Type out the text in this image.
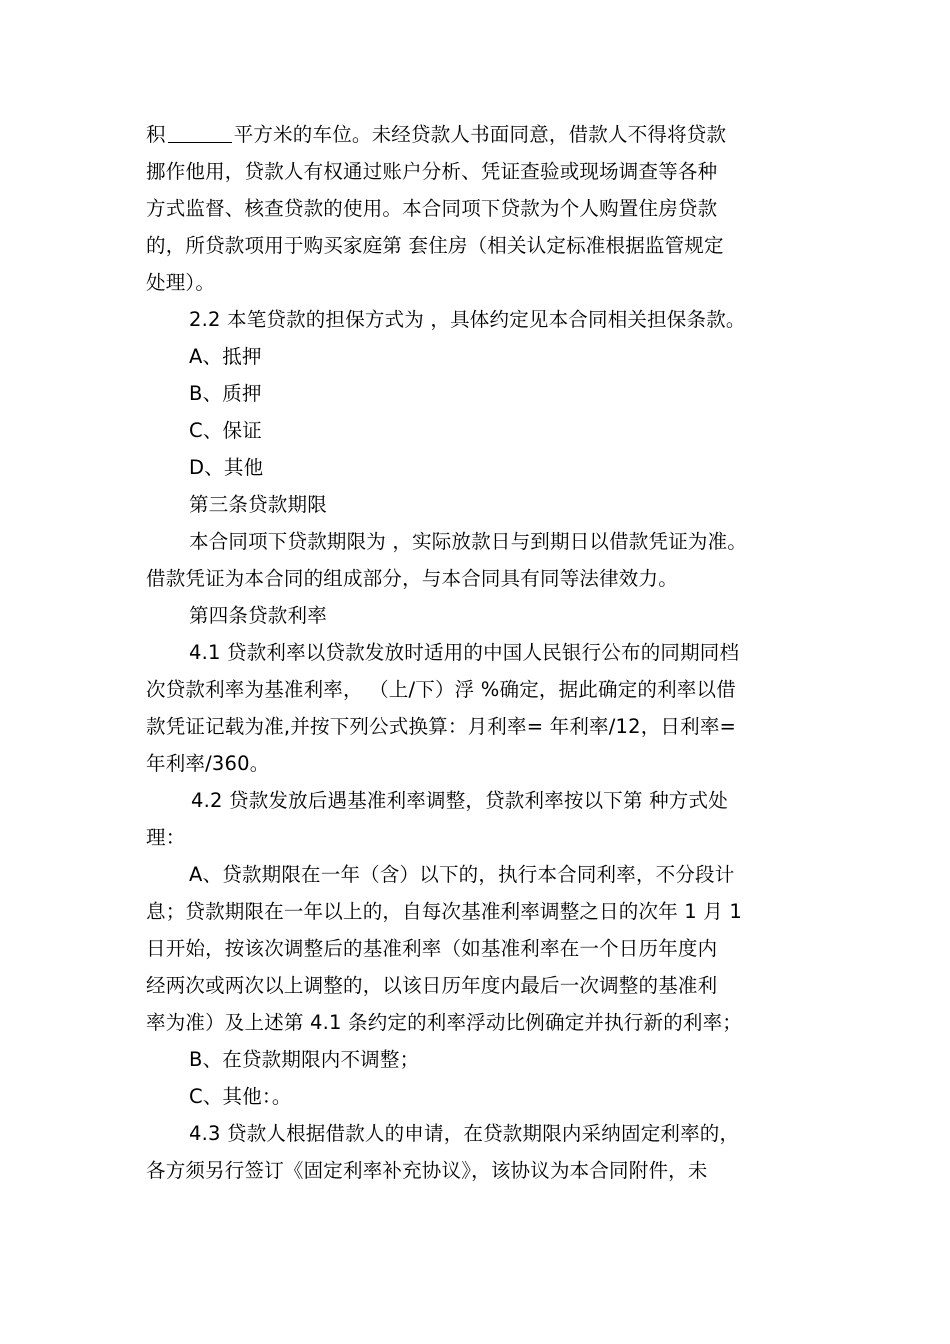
积	平方米的车位。未经贷款人书面同意，借款人不得将贷款
挪作他用，贷款人有权通过账户分析、凭证查验或现场调查等各种
方式监督、核查贷款的使用。本合同项下贷款为个人购置住房贷款
的，所贷款项用于购买家庭第 套住房（相关认定标准根据监管规定
处理）。
2.2 本笔贷款的担保方式为 ，具体约定见本合同相关担保条款。
A、抵押
B、质押
C、保证
D、其他
第三条贷款期限
本合同项下贷款期限为 ，实际放款日与到期日以借款凭证为准。
借款凭证为本合同的组成部分，与本合同具有同等法律效力。
第四条贷款利率
4.1 贷款利率以贷款发放时适用的中国人民银行公布的同期同档
次贷款利率为基准利率， （上/下）浮 %确定，据此确定的利率以借
款凭证记载为准,并按下列公式换算：月利率= 年利率/12，日利率=
年利率/360。
4.2 贷款发放后遇基准利率调整，贷款利率按以下第 种方式处
理：
A、贷款期限在一年（含）以下的，执行本合同利率，不分段计
息；贷款期限在一年以上的，自每次基准利率调整之日的次年 1 月 1
日开始，按该次调整后的基准利率（如基准利率在一个日历年度内
经两次或两次以上调整的，以该日历年度内最后一次调整的基准利
率为准）及上述第 4.1 条约定的利率浮动比例确定并执行新的利率；
B、在贷款期限内不调整；
C、其他：。
4.3 贷款人根据借款人的申请，在贷款期限内采纳固定利率的，
各方须另行签订《固定利率补充协议》，该协议为本合同附件，未
